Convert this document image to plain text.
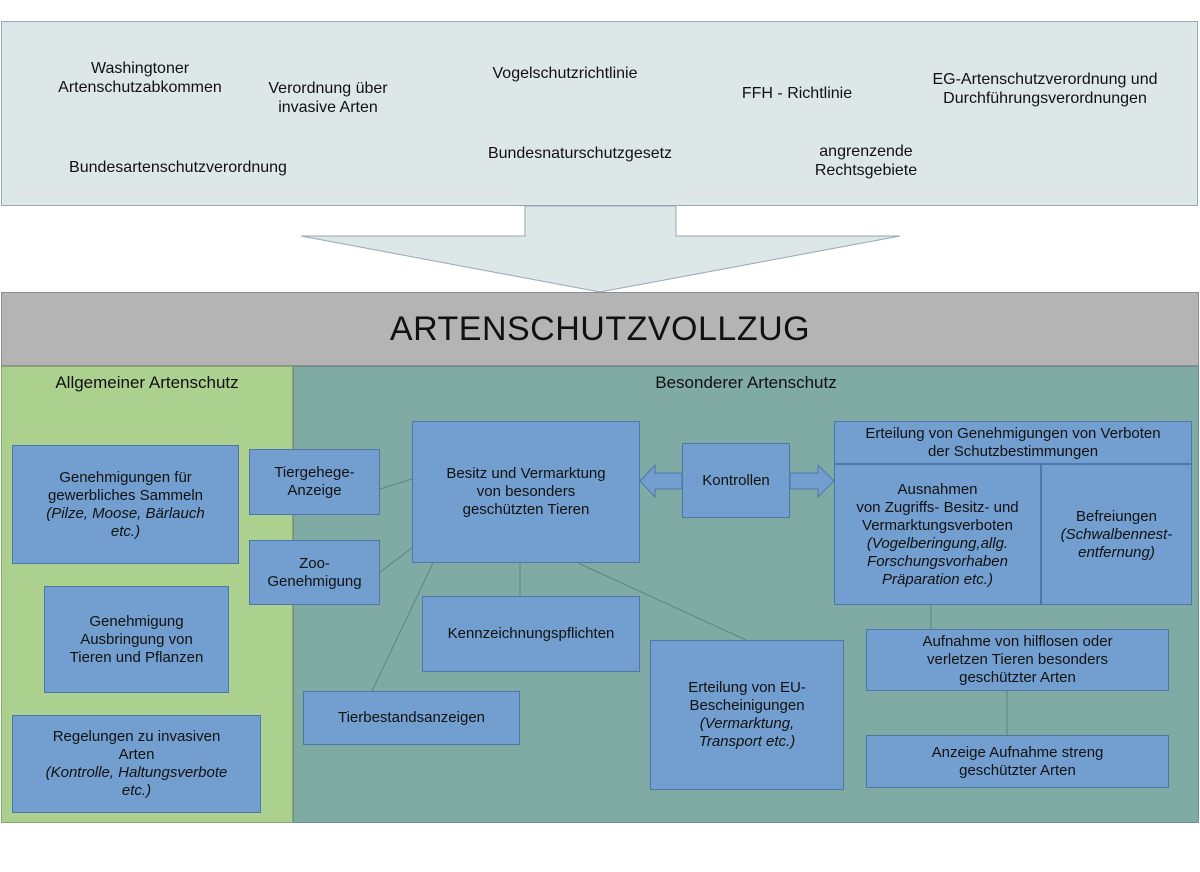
Washingtoner
Artenschutzabkommen	Verordnung über
invasive Arten
Vogelschutzrichtlinie
FFH - Richtlinie
EG-Artenschutzverordnung und
Durchführungsverordnungen
Bundesartenschutzverordnung
Bundesnaturschutzgesetz	angrenzende
Rechtsgebiete
ARTENSCHUTZVOLLZUG
Allgemeiner Artenschutz	Besonderer Artenschutz
Genehmigungen für
gewerbliches Sammeln
(Pilze, Moose, Bärlauch
etc.)
Genehmigung
Ausbringung von
Tieren und Pflanzen
Regelungen zu invasiven
Arten
(Kontrolle, Haltungsverbote
etc.)
Tiergehege-
Anzeige
Zoo-
Genehmigung
Besitz und Vermarktung
von besonders
geschützten Tieren
Kontrollen
Kennzeichnungspflichten
Tierbestandsanzeigen
Erteilung von EU-
Bescheinigungen
(Vermarktung,
Transport etc.)
Erteilung von Genehmigungen von Verboten
der Schutzbestimmungen
Ausnahmen
von Zugriffs- Besitz- und
Vermarktungsverboten
(Vogelberingung,allg.
Forschungsvorhaben
Präparation etc.)
Befreiungen
(Schwalbennest-
entfernung)
Aufnahme von hilflosen oder
verletzen Tieren besonders
geschützter Arten
Anzeige Aufnahme streng
geschützter Arten
